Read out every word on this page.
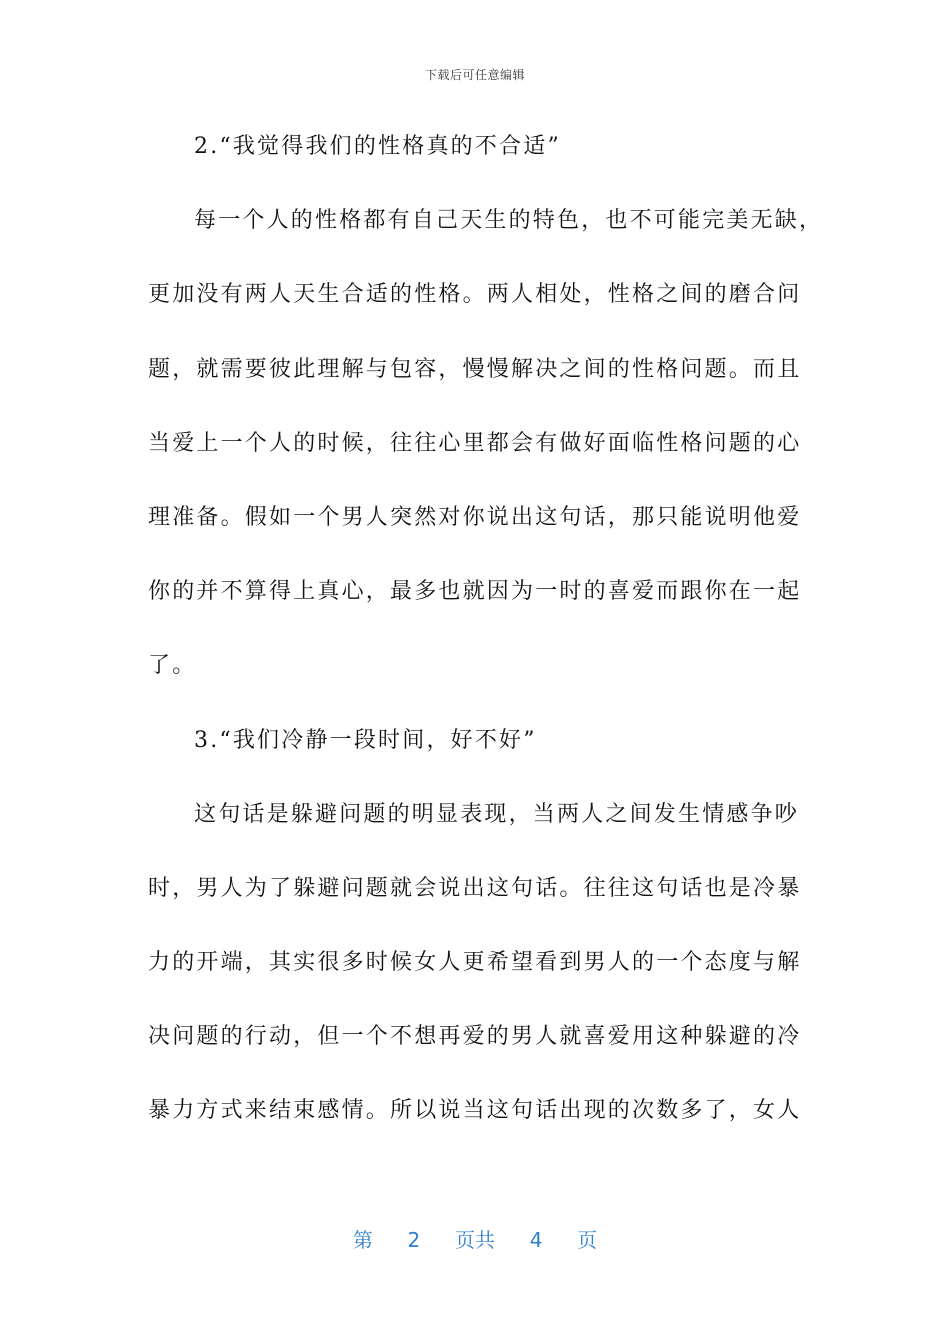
下载后可任意编辑
2.“我觉得我们的性格真的不合适”
每一个人的性格都有自己天生的特色，也不可能完美无缺，
更加没有两人天生合适的性格。两人相处，性格之间的磨合问
题，就需要彼此理解与包容，慢慢解决之间的性格问题。而且
当爱上一个人的时候，往往心里都会有做好面临性格问题的心
理准备。假如一个男人突然对你说出这句话，那只能说明他爱
你的并不算得上真心，最多也就因为一时的喜爱而跟你在一起
了。
3.“我们冷静一段时间，好不好”
这句话是躲避问题的明显表现，当两人之间发生情感争吵
时，男人为了躲避问题就会说出这句话。往往这句话也是冷暴
力的开端，其实很多时候女人更希望看到男人的一个态度与解
决问题的行动，但一个不想再爱的男人就喜爱用这种躲避的冷
暴力方式来结束感情。所以说当这句话出现的次数多了，女人
第 2 页共 4 页
